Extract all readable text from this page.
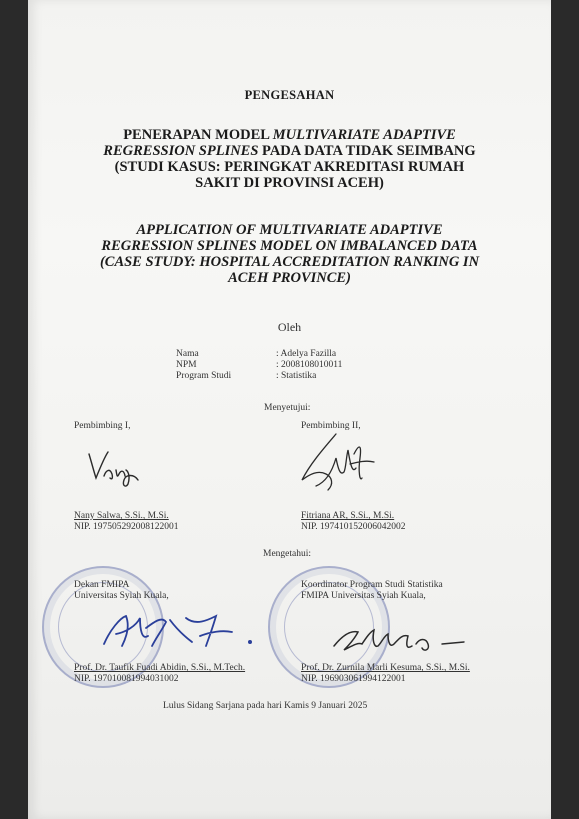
PENGESAHAN
PENERAPAN MODEL MULTIVARIATE ADAPTIVE
REGRESSION SPLINES PADA DATA TIDAK SEIMBANG
(STUDI KASUS: PERINGKAT AKREDITASI RUMAH
SAKIT DI PROVINSI ACEH)
APPLICATION OF MULTIVARIATE ADAPTIVE
REGRESSION SPLINES MODEL ON IMBALANCED DATA
(CASE STUDY: HOSPITAL ACCREDITATION RANKING IN
ACEH PROVINCE)
Oleh
Nama	: Adelya Fazilla
NPM	: 2008108010011
Program Studi	: Statistika
Menyetujui:
Pembimbing I,
Nany Salwa, S.Si., M.Si.
NIP. 197505292008122001
Pembimbing II,
Fitriana AR, S.Si., M.Si.
NIP. 197410152006042002
Mengetahui:
Dekan FMIPA
Universitas Syiah Kuala,
Prof. Dr. Taufik Fuadi Abidin, S.Si., M.Tech.
NIP. 197010081994031002
Koordinator Program Studi Statistika
FMIPA Universitas Syiah Kuala,
Prof. Dr. Zurnila Marli Kesuma, S.Si., M.Si.
NIP. 196903061994122001
Lulus Sidang Sarjana pada hari Kamis 9 Januari 2025
